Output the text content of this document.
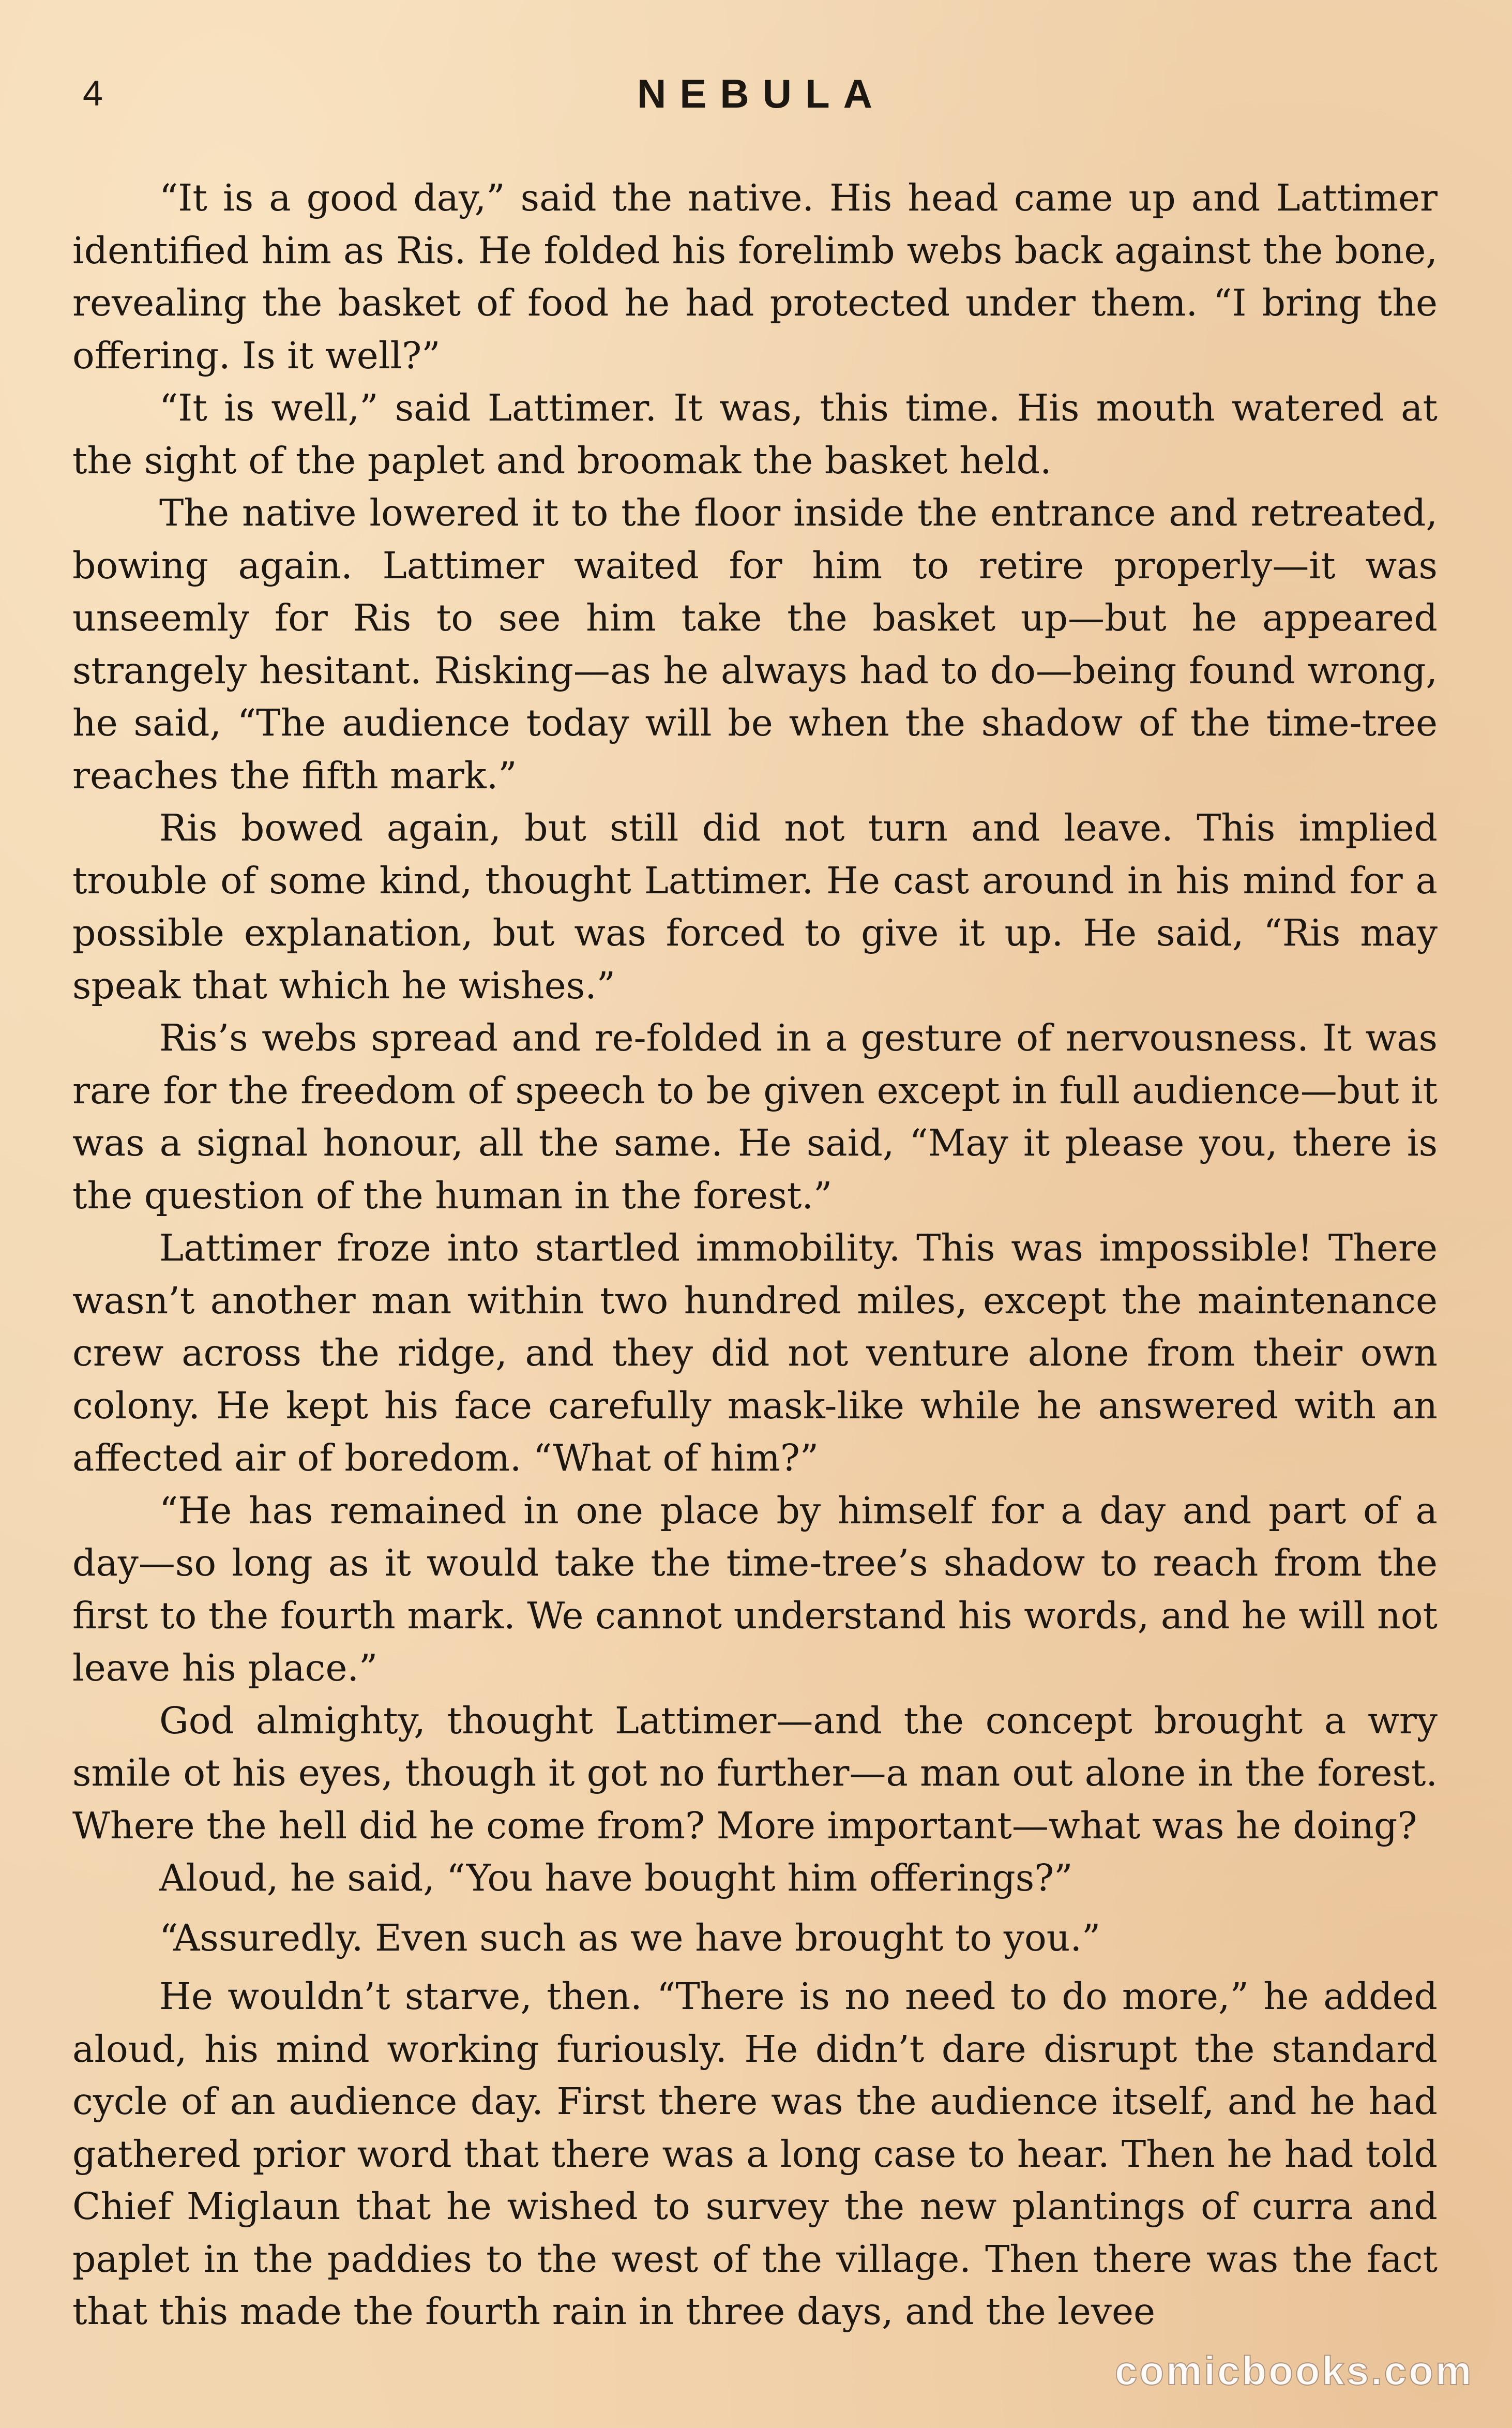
4	NEBULA

“It is a good day,” said the native. His head came up and Lattimer identified him as Ris. He folded his forelimb webs back against the bone, revealing the basket of food he had protected under them. “I bring the offering. Is it well?”

“It is well,” said Lattimer. It was, this time. His mouth watered at the sight of the paplet and broomak the basket held.

The native lowered it to the floor inside the entrance and retreated, bowing again. Lattimer waited for him to retire properly—it was unseemly for Ris to see him take the basket up—but he appeared strangely hesitant. Risking—as he always had to do—being found wrong, he said, “The audience today will be when the shadow of the time-tree reaches the fifth mark.”

Ris bowed again, but still did not turn and leave. This implied trouble of some kind, thought Lattimer. He cast around in his mind for a possible explanation, but was forced to give it up. He said, “Ris may speak that which he wishes.”

Ris’s webs spread and re-folded in a gesture of nervousness. It was rare for the freedom of speech to be given except in full audience—but it was a signal honour, all the same. He said, “May it please you, there is the question of the human in the forest.”

Lattimer froze into startled immobility. This was impossible! There wasn’t another man within two hundred miles, except the maintenance crew across the ridge, and they did not venture alone from their own colony. He kept his face carefully mask-like while he answered with an affected air of boredom. “What of him?”

“He has remained in one place by himself for a day and part of a day—so long as it would take the time-tree’s shadow to reach from the first to the fourth mark. We cannot understand his words, and he will not leave his place.”

God almighty, thought Lattimer—and the concept brought a wry smile ot his eyes, though it got no further—a man out alone in the forest. Where the hell did he come from? More important—what was he doing?

Aloud, he said, “You have bought him offerings?”

“Assuredly. Even such as we have brought to you.”

He wouldn’t starve, then. “There is no need to do more,” he added aloud, his mind working furiously. He didn’t dare disrupt the standard cycle of an audience day. First there was the audience itself, and he had gathered prior word that there was a long case to hear. Then he had told Chief Miglaun that he wished to survey the new plantings of curra and paplet in the paddies to the west of the village. Then there was the fact that this made the fourth rain in three days, and the levee

comicbooks.com
